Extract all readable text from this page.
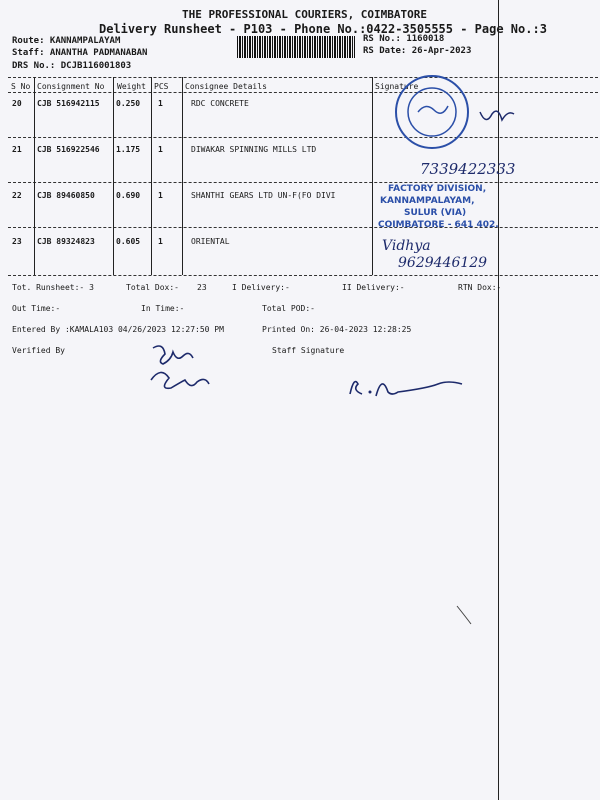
THE PROFESSIONAL COURIERS, COIMBATORE
Delivery Runsheet - P103 - Phone No.:0422-3505555 - Page No.:3
Route: KANNAMPALAYAM
Staff: ANANTHA PADMANABAN
DRS No.: DCJB116001803
RS No.: 1160018
RS Date: 26-Apr-2023
S No Consignment No Weight PCS Consignee Details	Signature
20 CJB 516942115 0.250 1	RDC CONCRETE
21 CJB 516922546 1.175 1	DIWAKAR SPINNING MILLS LTD
22 CJB 89460850	0.690 1	SHANTHI GEARS LTD UN-F(FO DIVI
23 CJB 89324823	0.605 1	ORIENTAL
7339422333
FACTORY DIVISION,
KANNAMPALAYAM,
SULUR (VIA)
COIMBATORE - 641 402.
Vidhya
9629446129
Tot. Runsheet:- 3	Total Dox:- 23	I Delivery:-	II Delivery:-	RTN Dox:-
Out Time:-	In Time:-	Total POD:-
Entered By :KAMALA103 04/26/2023 12:27:50 PM	Printed On: 26-04-2023 12:28:25
Verified By	Staff Signature
